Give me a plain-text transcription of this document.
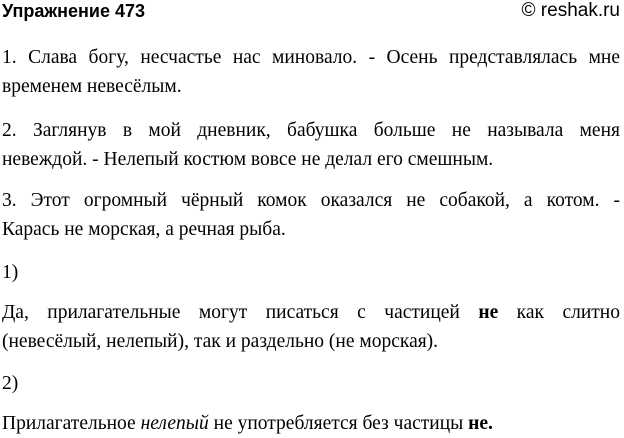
Упражнение 473	© reshak.ru
1. Слава богу, несчастье нас миновало. - Осень представлялась мне
временем невесёлым.
2. Заглянув в мой дневник, бабушка больше не называла меня
невеждой. - Нелепый костюм вовсе не делал его смешным.
3. Этот огромный чёрный комок оказался не собакой, а котом. -
Карась не морская, а речная рыба.
1)
Да, прилагательные могут писаться с частицей не как слитно
(невесёлый, нелепый), так и раздельно (не морская).
2)
Прилагательное нелепый не употребляется без частицы не.
